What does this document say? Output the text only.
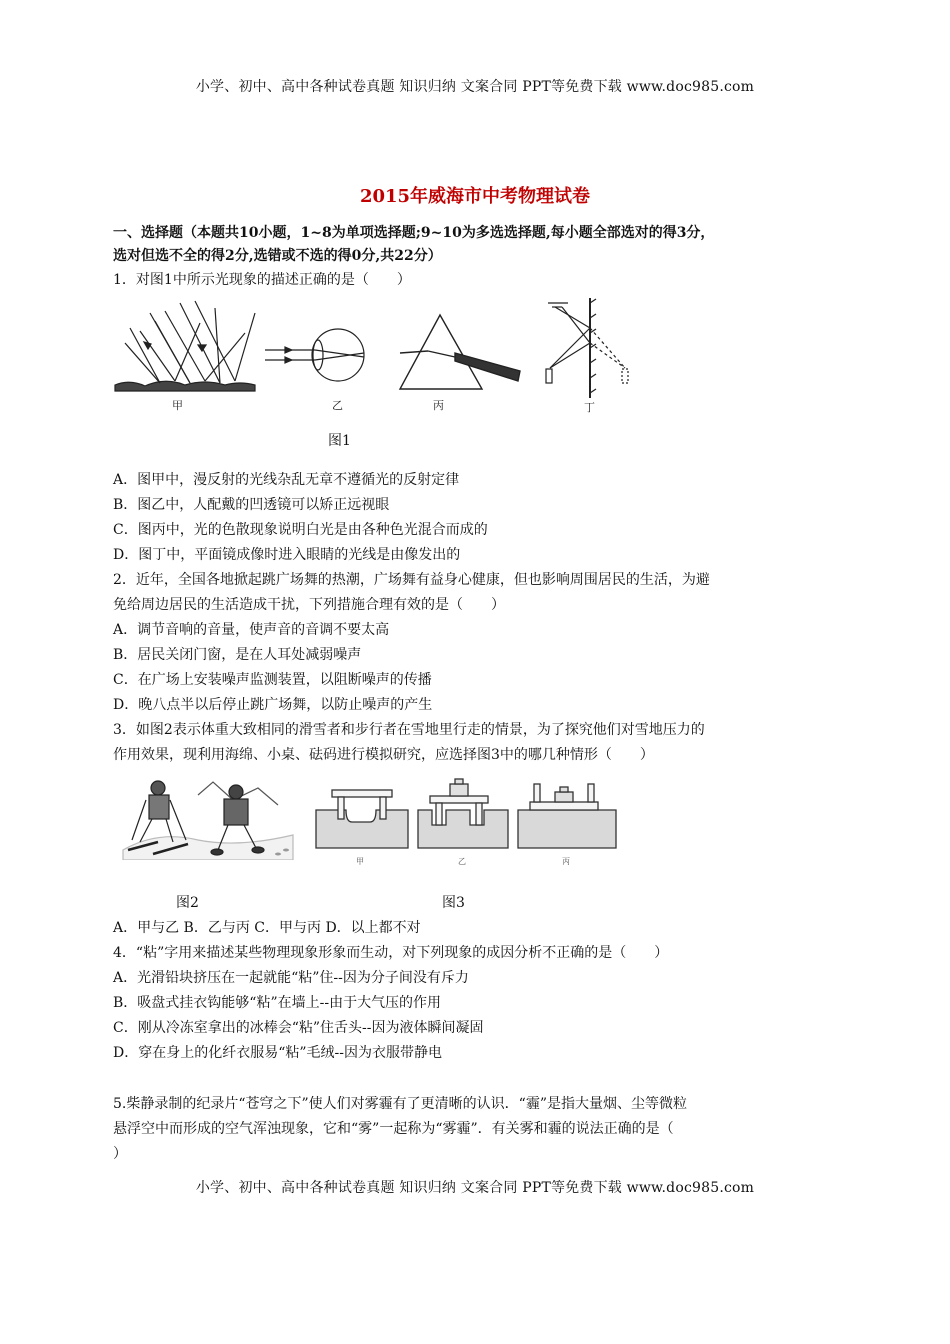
小学、初中、高中各种试卷真题 知识归纳 文案合同 PPT等免费下载 www.doc985.com
小学、初中、高中各种试卷真题 知识归纳 文案合同 PPT等免费下载 www.doc985.com
2015年威海市中考物理试卷
一、选择题（本题共10小题，1~8为单项选择题;9~10为多选选择题,每小题全部选对的得3分，
选对但选不全的得2分,选错或不选的得0分,共22分）
1．对图1中所示光现象的描述正确的是（　　）
甲	乙	丙	丁
图1
A．图甲中，漫反射的光线杂乱无章不遵循光的反射定律
B．图乙中，人配戴的凹透镜可以矫正远视眼
C．图丙中，光的色散现象说明白光是由各种色光混合而成的
D．图丁中，平面镜成像时进入眼睛的光线是由像发出的
2．近年，全国各地掀起跳广场舞的热潮，广场舞有益身心健康，但也影响周围居民的生活，为避
免给周边居民的生活造成干扰，下列措施合理有效的是（　　）
A．调节音响的音量，使声音的音调不要太高
B．居民关闭门窗，是在人耳处减弱噪声
C．在广场上安装噪声监测装置，以阻断噪声的传播
D．晚八点半以后停止跳广场舞，以防止噪声的产生
3．如图2表示体重大致相同的滑雪者和步行者在雪地里行走的情景，为了探究他们对雪地压力的
作用效果，现利用海绵、小桌、砝码进行模拟研究，应选择图3中的哪几种情形（　　）
甲	乙	丙
图2	图3
A．甲与乙 B．乙与丙 C．甲与丙 D．以上都不对
4．“粘”字用来描述某些物理现象形象而生动，对下列现象的成因分析不正确的是（　　）
A．光滑铅块挤压在一起就能“粘”住--因为分子间没有斥力
B．吸盘式挂衣钩能够“粘”在墙上--由于大气压的作用
C．刚从冷冻室拿出的冰棒会“粘”住舌头--因为液体瞬间凝固
D．穿在身上的化纤衣服易“粘”毛绒--因为衣服带静电
5.柴静录制的纪录片“苍穹之下”使人们对雾霾有了更清晰的认识．“霾”是指大量烟、尘等微粒
悬浮空中而形成的空气浑浊现象，它和“雾”一起称为“雾霾”．有关雾和霾的说法正确的是（
）
